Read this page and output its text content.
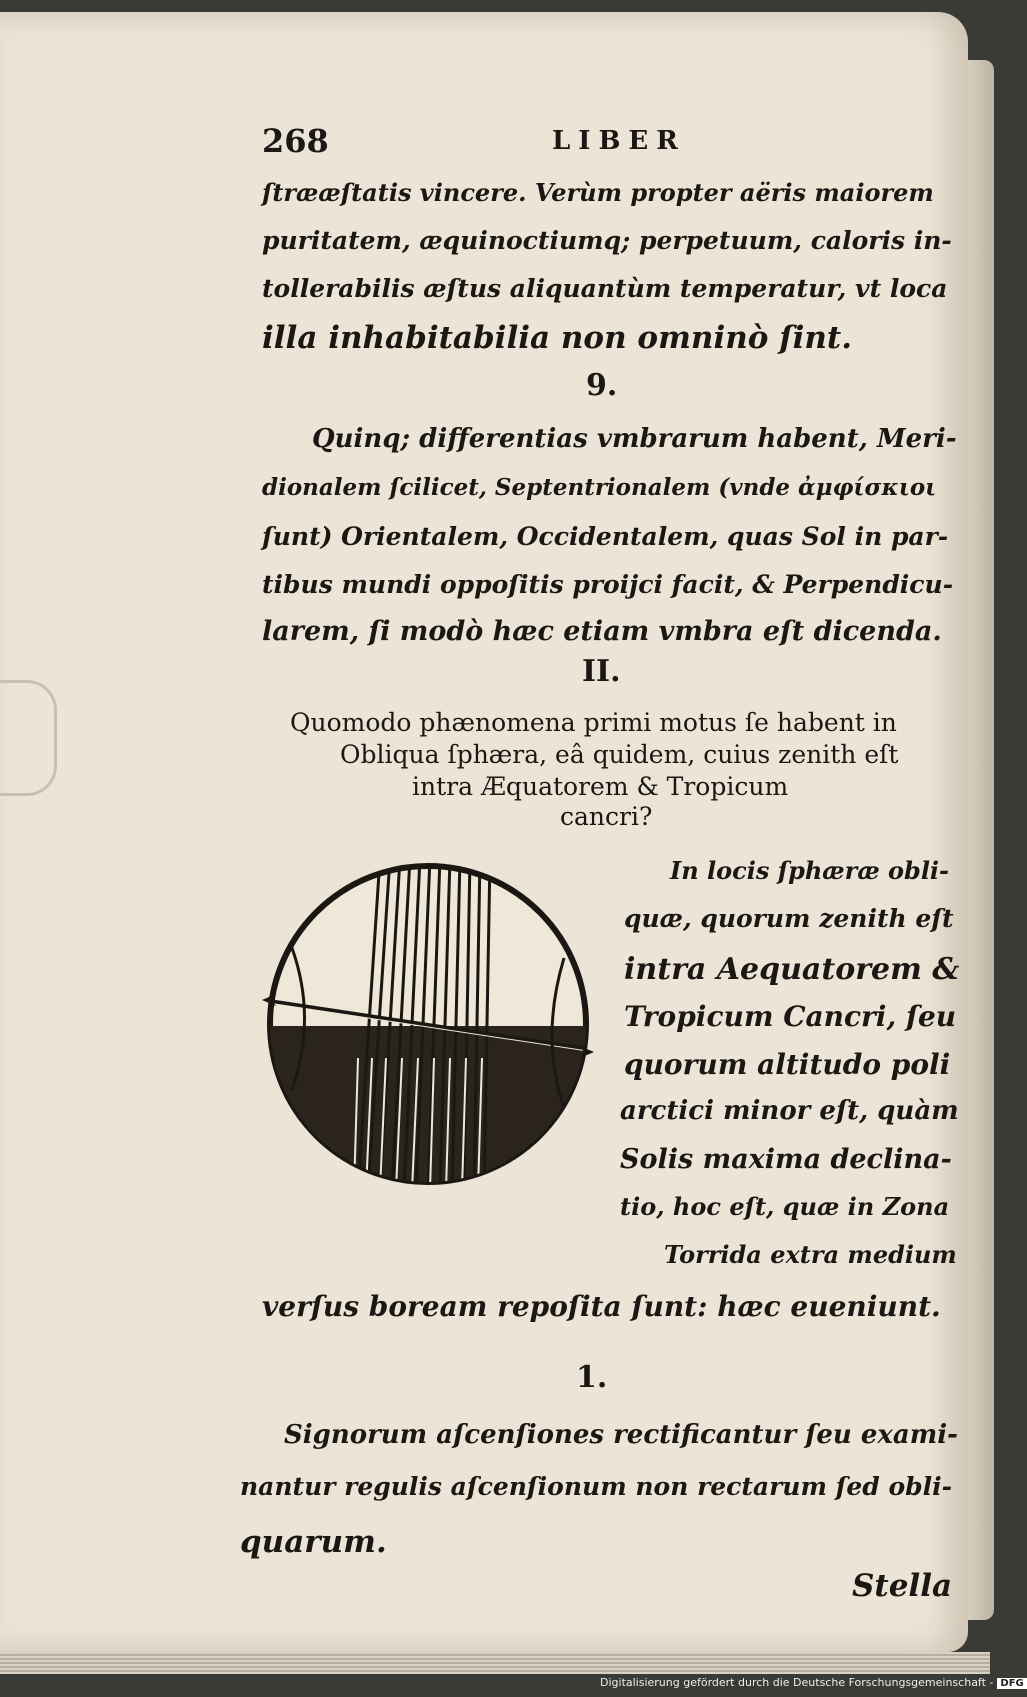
268	LIBER
ſtrææſtatis vincere. Verùm propter aëris maiorem
puritatem, æquinoctiumq; perpetuum, caloris in-
tollerabilis æſtus aliquantùm temperatur, vt loca
illa inhabitabilia non omninò ſint.
9.
Quinq; differentias vmbrarum habent, Meri-
dionalem ſcilicet, Septentrionalem (vnde ἀμφίσκιοι
ſunt) Orientalem, Occidentalem, quas Sol in par-
tibus mundi oppoſitis proijci facit, & Perpendicu-
larem, ſi modò hæc etiam vmbra eſt dicenda.
II.
Quomodo phænomena primi motus ſe habent in
Obliqua ſphæra, eâ quidem, cuius zenith eſt
intra Æquatorem & Tropicum
cancri?
In locis ſphæræ obli-
quæ, quorum zenith eſt
intra Aequatorem &
Tropicum Cancri, ſeu
quorum altitudo poli
arctici minor eſt, quàm
Solis maxima declina-
tio, hoc eſt, quæ in Zona
Torrida extra medium
verſus boream repoſita ſunt: hæc eueniunt.
1.
Signorum aſcenſiones rectificantur ſeu exami-
nantur regulis aſcenſionum non rectarum ſed obli-
quarum.
Stella
Digitalisierung gefördert durch die Deutsche Forschungsgemeinschaft - DFG
